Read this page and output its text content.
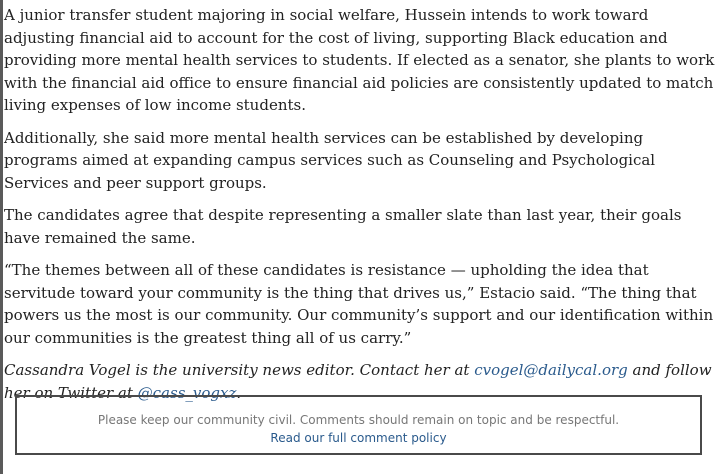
A junior transfer student majoring in social welfare, Hussein intends to work toward adjusting financial aid to account for the cost of living, supporting Black education and providing more mental health services to students. If elected as a senator, she plants to work with the financial aid office to ensure financial aid policies are consistently updated to match living expenses of low income students.

Additionally, she said more mental health services can be established by developing programs aimed at expanding campus services such as Counseling and Psychological Services and peer support groups.

The candidates agree that despite representing a smaller slate than last year, their goals have remained the same.

“The themes between all of these candidates is resistance — upholding the idea that servitude toward your community is the thing that drives us,” Estacio said. “The thing that powers us the most is our community. Our community’s support and our identification within our communities is the greatest thing all of us carry.”

Cassandra Vogel is the university news editor. Contact her at cvogel@dailycal.org and follow her on Twitter at @cass_vogxz.

Please keep our community civil. Comments should remain on topic and be respectful.
Read our full comment policy
